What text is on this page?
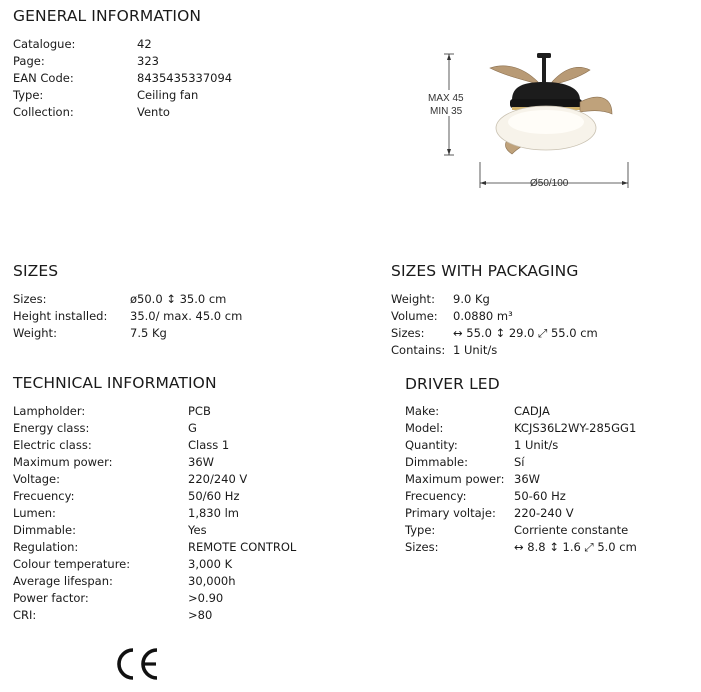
GENERAL INFORMATION
Catalogue:	42
Page:	323
EAN Code:	8435435337094
Type:	Ceiling fan
Collection:	Vento
MAX 45
MIN 35
Ø50/100
SIZES
Sizes:	ø50.0 ↕ 35.0 cm
Height installed: 35.0/ max. 45.0 cm
Weight:	7.5 Kg
SIZES WITH PACKAGING
Weight: 9.0 Kg
Volume: 0.0880 m³
Sizes: ↔ 55.0 ↕ 29.0 ⤢ 55.0 cm
Contains: 1 Unit/s
TECHNICAL INFORMATION
Lampholder:	PCB
Energy class:	G
Electric class:	Class 1
Maximum power:	36W
Voltage:	220/240 V
Frecuency:	50/60 Hz
Lumen:	1,830 lm
Dimmable:	Yes
Regulation:	REMOTE CONTROL
Colour temperature:	3,000 K
Average lifespan:	30,000h
Power factor:	>0.90
CRI:	>80
DRIVER LED
Make:	CADJA
Model:	KCJS36L2WY-285GG1
Quantity:	1 Unit/s
Dimmable:	Sí
Maximum power: 36W
Frecuency:	50-60 Hz
Primary voltaje: 220-240 V
Type:	Corriente constante
Sizes:	↔ 8.8 ↕ 1.6 ⤢ 5.0 cm
